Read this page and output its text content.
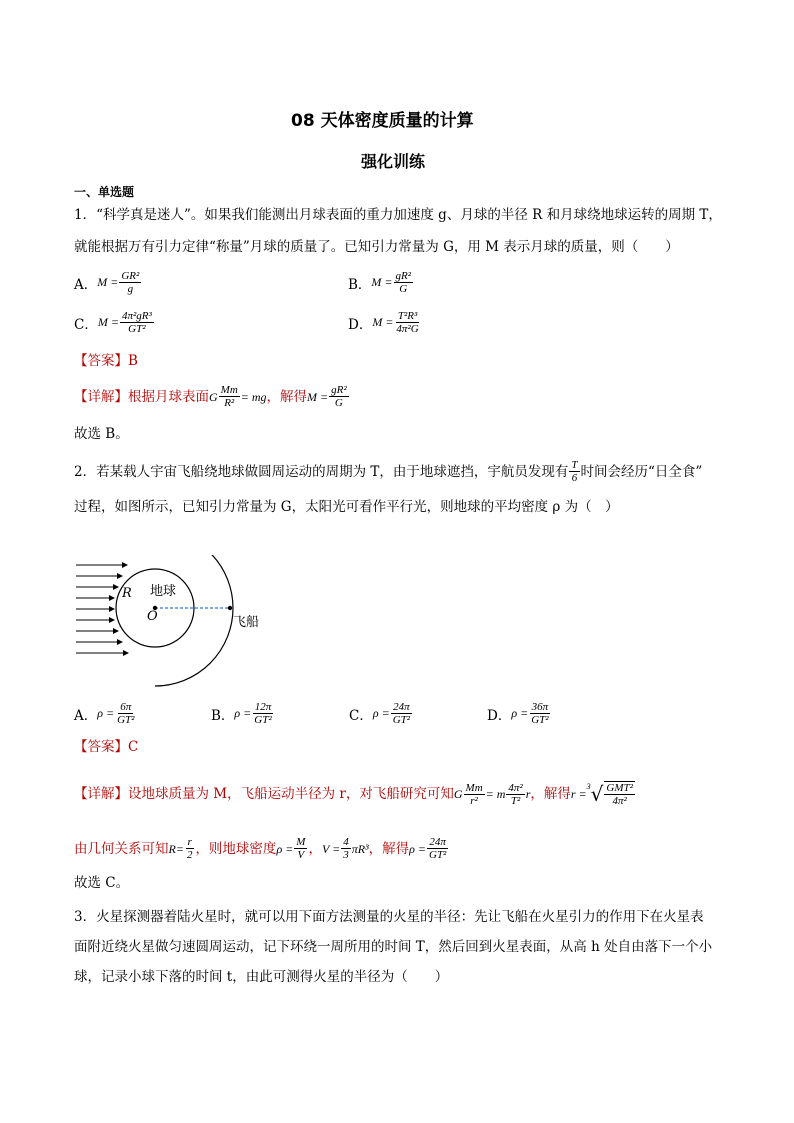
08 天体密度质量的计算
强化训练
一、单选题
1．“科学真是迷人”。如果我们能测出月球表面的重力加速度 g、月球的半径 R 和月球绕地球运转的周期 T，
就能根据万有引力定律“称量”月球的质量了。已知引力常量为 G，用 M 表示月球的质量，则（　　）
A． $M = \frac{\text{GR²}}{g}$	B． $M = \frac{\text{gR²}}{G}$
C． $M = \frac{\text{4π²gR³}}{\text{GT²}}$	D． $M = \frac{\text{T²R³}}{\text{4π²G}}$
【答案】B
【详解】根据月球表面 G $\frac{Mm}{\text{R²}}$ = mg ，解得 $M = \frac{\text{gR²}}{G}$
故选 B。
2．若某载人宇宙飞船绕地球做圆周运动的周期为 T，由于地球遮挡，宇航员发现有 $\frac{T}{6}$ 时间会经历“日全食”
过程，如图所示，已知引力常量为 G，太阳光可看作平行光，则地球的平均密度 ρ 为（　）
地球
R
O	飞船
A． $\rho = \frac{6\pi}{\text{GT²}}$	B． $\rho = \frac{12\pi}{\text{GT²}}$	C． $\rho = \frac{24\pi}{\text{GT²}}$	D． $\rho = \frac{36\pi}{\text{GT²}}$
【答案】C
【详解】设地球质量为 M，飞船运动半径为 r，对飞船研究可知 G $\frac{Mm}{\text{r²}} = m \frac{\text{4π²}}{\text{T²}}$ r ，解得 r =
3 √ $\frac{\text{GMT²}}{\text{4π²}}$
由几何关系可知 $R= \frac{r}{2}$ ，则地球密度 $\rho = \frac{M}{V}$ ， $V = \frac{4}{3} \pi R^3$ ，解得 $\rho = \frac{24\pi}{\text{GT²}}$
故选 C。
3．火星探测器着陆火星时，就可以用下面方法测量的火星的半径：先让飞船在火星引力的作用下在火星表
面附近绕火星做匀速圆周运动，记下环绕一周所用的时间 T，然后回到火星表面，从高 h 处自由落下一个小
球，记录小球下落的时间 t，由此可测得火星的半径为（　　）
